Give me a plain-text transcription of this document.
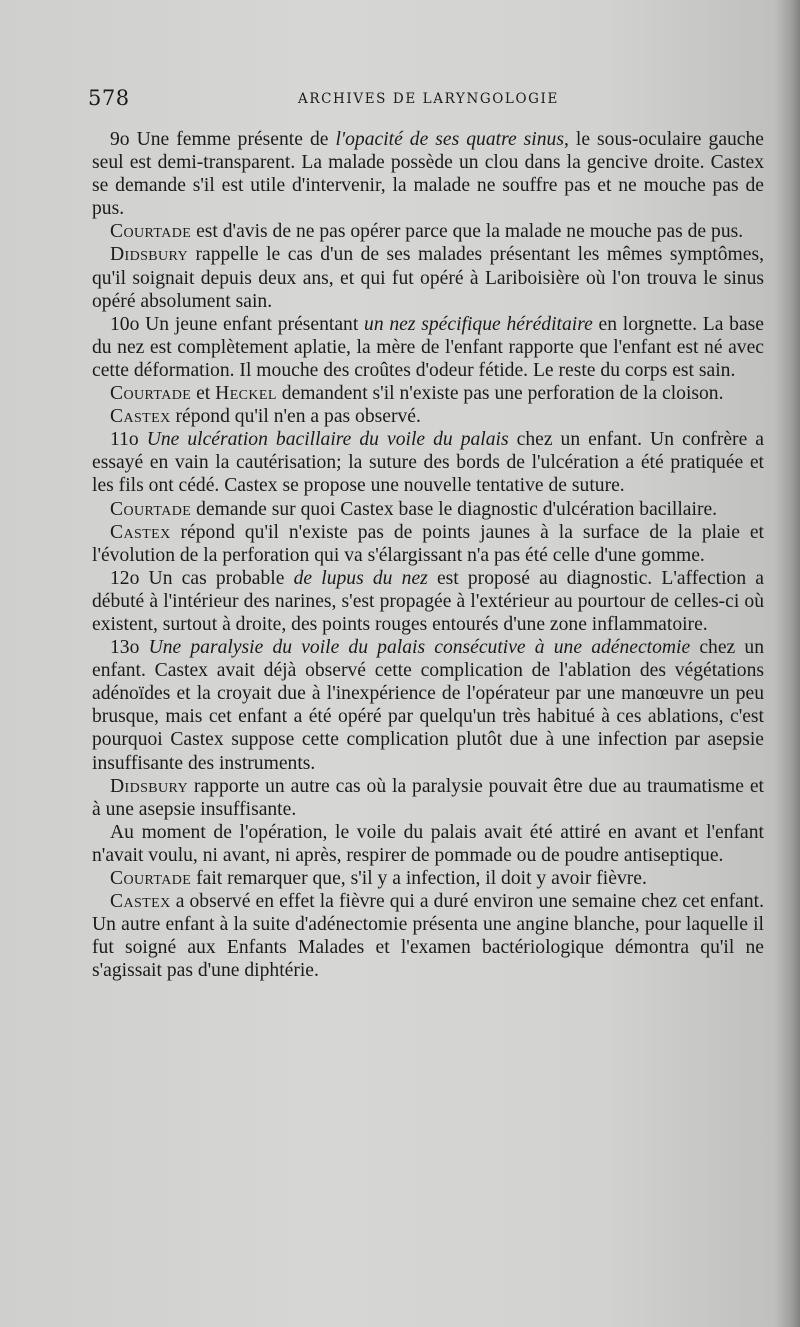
578	ARCHIVES DE LARYNGOLOGIE

9o Une femme présente de l'opacité de ses quatre sinus, le sous-oculaire gauche seul est demi-transparent. La malade possède un clou dans la gencive droite. Castex se demande s'il est utile d'intervenir, la malade ne souffre pas et ne mouche pas de pus.

Courtade est d'avis de ne pas opérer parce que la malade ne mouche pas de pus.

Didsbury rappelle le cas d'un de ses malades présentant les mêmes symptômes, qu'il soignait depuis deux ans, et qui fut opéré à Lariboisière où l'on trouva le sinus opéré absolument sain.

10o Un jeune enfant présentant un nez spécifique héréditaire en lorgnette. La base du nez est complètement aplatie, la mère de l'enfant rapporte que l'enfant est né avec cette déformation. Il mouche des croûtes d'odeur fétide. Le reste du corps est sain.

Courtade et Heckel demandent s'il n'existe pas une perforation de la cloison.

Castex répond qu'il n'en a pas observé.

11o Une ulcération bacillaire du voile du palais chez un enfant. Un confrère a essayé en vain la cautérisation; la suture des bords de l'ulcération a été pratiquée et les fils ont cédé. Castex se propose une nouvelle tentative de suture.

Courtade demande sur quoi Castex base le diagnostic d'ulcération bacillaire.

Castex répond qu'il n'existe pas de points jaunes à la surface de la plaie et l'évolution de la perforation qui va s'élargissant n'a pas été celle d'une gomme.

12o Un cas probable de lupus du nez est proposé au diagnostic. L'affection a débuté à l'intérieur des narines, s'est propagée à l'extérieur au pourtour de celles-ci où existent, surtout à droite, des points rouges entourés d'une zone inflammatoire.

13o Une paralysie du voile du palais consécutive à une adénectomie chez un enfant. Castex avait déjà observé cette complication de l'ablation des végétations adénoïdes et la croyait due à l'inexpérience de l'opérateur par une manœuvre un peu brusque, mais cet enfant a été opéré par quelqu'un très habitué à ces ablations, c'est pourquoi Castex suppose cette complication plutôt due à une infection par asepsie insuffisante des instruments.

Didsbury rapporte un autre cas où la paralysie pouvait être due au traumatisme et à une asepsie insuffisante.

Au moment de l'opération, le voile du palais avait été attiré en avant et l'enfant n'avait voulu, ni avant, ni après, respirer de pommade ou de poudre antiseptique.

Courtade fait remarquer que, s'il y a infection, il doit y avoir fièvre.

Castex a observé en effet la fièvre qui a duré environ une semaine chez cet enfant. Un autre enfant à la suite d'adénectomie présenta une angine blanche, pour laquelle il fut soigné aux Enfants Malades et l'examen bactériologique démontra qu'il ne s'agissait pas d'une diphtérie.
